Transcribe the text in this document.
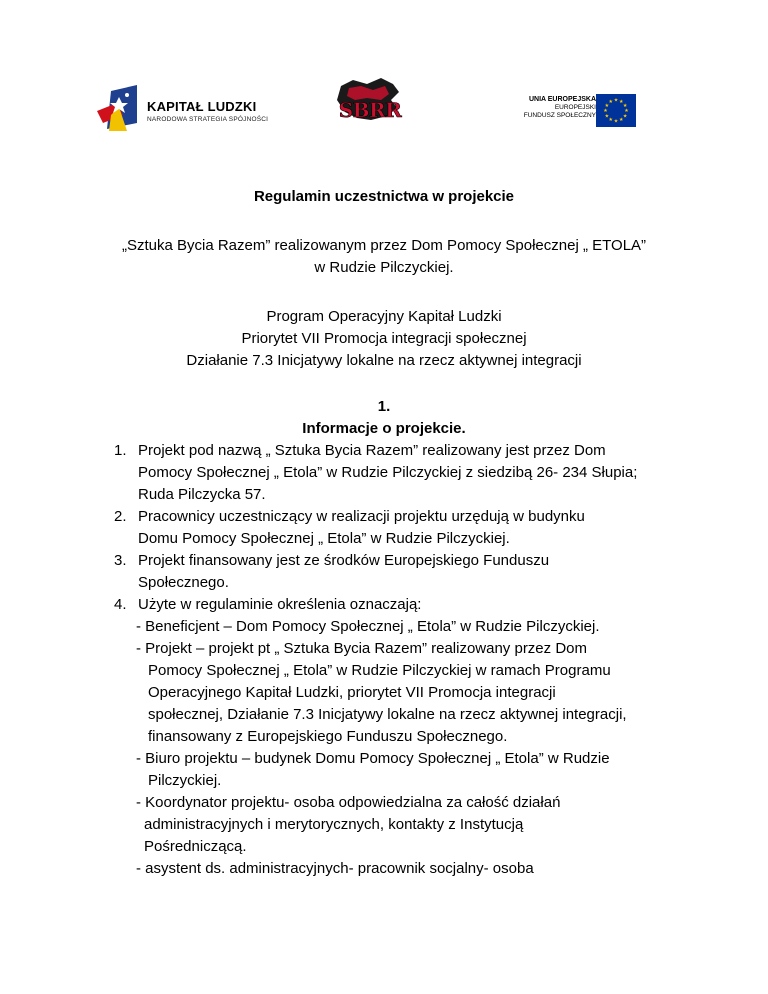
KAPITAŁ LUDZKI
NARODOWA STRATEGIA SPÓJNOŚCI	SBRR	UNIA EUROPEJSKA
EUROPEJSKI
FUNDUSZ SPOŁECZNY
★
★
★
★
★
★
★
★
★ ★ ★
★
Regulamin uczestnictwa w projekcie
„Sztuka Bycia Razem” realizowanym przez Dom Pomocy Społecznej „ ETOLA”
w Rudzie Pilczyckiej.
Program Operacyjny Kapitał Ludzki
Priorytet VII Promocja integracji społecznej
Działanie 7.3 Inicjatywy lokalne na rzecz aktywnej integracji
1.
Informacje o projekcie.
1. Projekt pod nazwą „ Sztuka Bycia Razem” realizowany jest przez Dom
Pomocy Społecznej „ Etola” w Rudzie Pilczyckiej z siedzibą 26- 234 Słupia;
Ruda Pilczycka 57.
2. Pracownicy uczestniczący w realizacji projektu urzędują w budynku
Domu Pomocy Społecznej „ Etola” w Rudzie Pilczyckiej.
3. Projekt finansowany jest ze środków Europejskiego Funduszu
Społecznego.
4. Użyte w regulaminie określenia oznaczają:
- Beneficjent – Dom Pomocy Społecznej „ Etola” w Rudzie Pilczyckiej.
- Projekt – projekt pt „ Sztuka Bycia Razem” realizowany przez Dom
Pomocy Społecznej „ Etola” w Rudzie Pilczyckiej w ramach Programu
Operacyjnego Kapitał Ludzki, priorytet VII Promocja integracji
społecznej, Działanie 7.3 Inicjatywy lokalne na rzecz aktywnej integracji,
finansowany z Europejskiego Funduszu Społecznego.
- Biuro projektu – budynek Domu Pomocy Społecznej „ Etola” w Rudzie
Pilczyckiej.
- Koordynator projektu- osoba odpowiedzialna za całość działań
administracyjnych i merytorycznych, kontakty z Instytucją
Pośredniczącą.
- asystent ds. administracyjnych- pracownik socjalny- osoba
